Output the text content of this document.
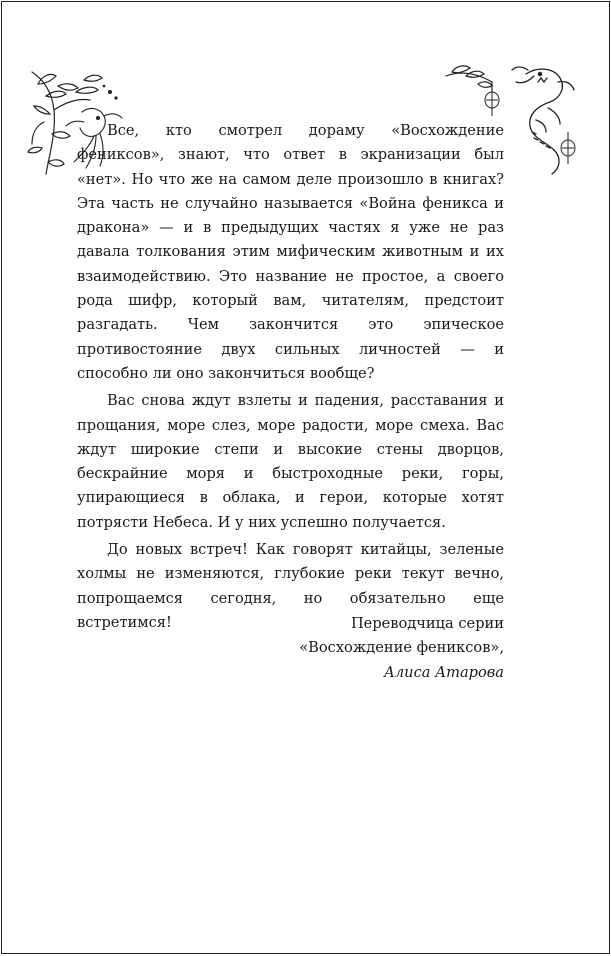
Все, кто смотрел дораму «Восхождение фениксов», знают, что ответ в экранизации был «нет». Но что же на самом деле произошло в книгах? Эта часть не случайно называется «Война феникса и дракона» — и в предыдущих частях я уже не раз давала толкования этим мифическим животным и их взаимодействию. Это название не простое, а своего рода шифр, который вам, читателям, предстоит разгадать. Чем закончится это эпическое противостояние двух сильных личностей — и способно ли оно закончиться вообще?

Вас снова ждут взлеты и падения, расставания и прощания, море слез, море радости, море смеха. Вас ждут широкие степи и высокие стены дворцов, бескрайние моря и быстроходные реки, горы, упирающиеся в облака, и герои, которые хотят потрясти Небеса. И у них успешно получается.

До новых встреч! Как говорят китайцы, зеленые холмы не изменяются, глубокие реки текут вечно, попрощаемся сегодня, но обязательно еще встретимся!	Переводчица серии
«Восхождение фениксов»,
Алиса Атарова
